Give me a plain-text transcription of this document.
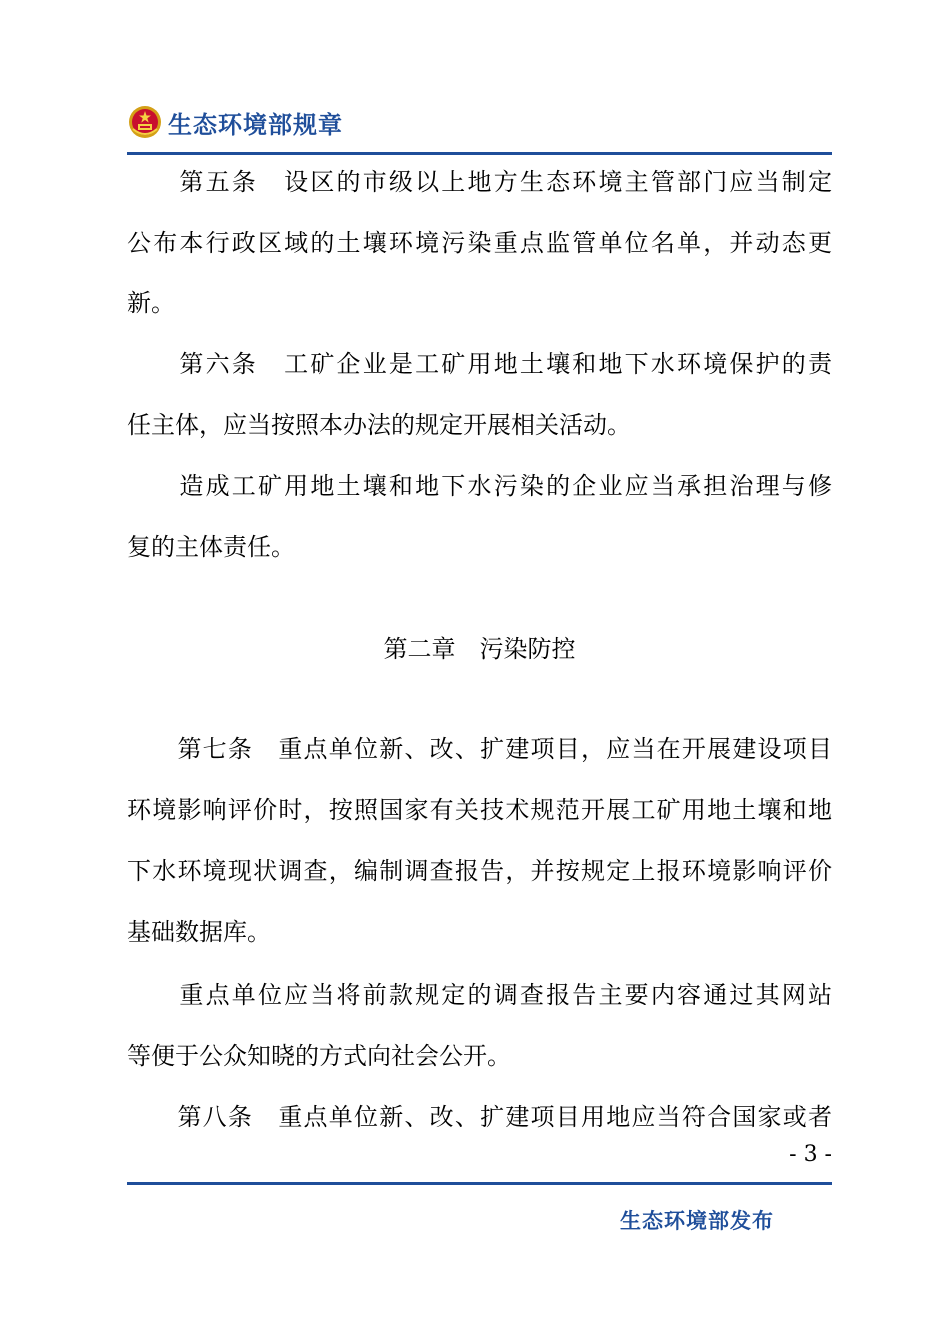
生态环境部规章
　　第五条　设区的市级以上地方生态环境主管部门应当制定
公布本行政区域的土壤环境污染重点监管单位名单，并动态更
新。
　　第六条　工矿企业是工矿用地土壤和地下水环境保护的责
任主体，应当按照本办法的规定开展相关活动。
　　造成工矿用地土壤和地下水污染的企业应当承担治理与修
复的主体责任。
第二章　污染防控
　　第七条　重点单位新、改、扩建项目，应当在开展建设项目
环境影响评价时，按照国家有关技术规范开展工矿用地土壤和地
下水环境现状调查，编制调查报告，并按规定上报环境影响评价
基础数据库。
　　重点单位应当将前款规定的调查报告主要内容通过其网站
等便于公众知晓的方式向社会公开。
　　第八条　重点单位新、改、扩建项目用地应当符合国家或者
- 3 -
生态环境部发布
